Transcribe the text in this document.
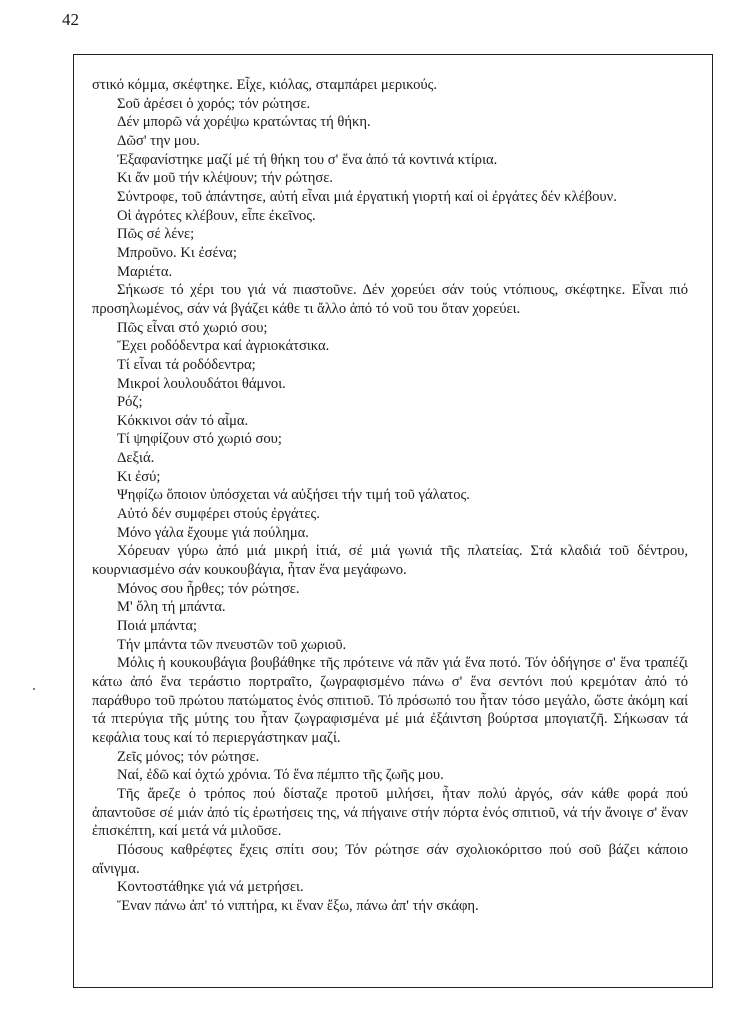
42

στικό κόμμα, σκέφτηκε. Εἶχε, κιόλας, σταμπάρει μερικούς.

Σοῦ ἀρέσει ὁ χορός; τόν ρώτησε.

Δέν μπορῶ νά χορέψω κρατώντας τή θήκη.

Δῶσ' την μου.

Ἐξαφανίστηκε μαζί μέ τή θήκη του σ' ἕνα ἀπό τά κοντινά κτίρια.

Κι ἄν μοῦ τήν κλέψουν; τήν ρώτησε.

Σύντροφε, τοῦ ἀπάντησε, αὐτή εἶναι μιά ἐργατική γιορτή καί οἱ ἐργάτες δέν κλέβουν.

Οἱ ἀγρότες κλέβουν, εἶπε ἐκεῖνος.

Πῶς σέ λένε;

Μπροῦνο. Κι ἐσένα;

Μαριέτα.

Σήκωσε τό χέρι του γιά νά πιαστοῦνε. Δέν χορεύει σάν τούς ντόπιους, σκέφτηκε. Εἶναι πιό προσηλωμένος, σάν νά βγάζει κάθε τι ἄλλο ἀπό τό νοῦ του ὅταν χορεύει.

Πῶς εἶναι στό χωριό σου;

Ἔχει ροδόδεντρα καί ἀγριοκάτσικα.

Τί εἶναι τά ροδόδεντρα;

Μικροί λουλουδάτοι θάμνοι.

Ρόζ;

Κόκκινοι σάν τό αἷμα.

Τί ψηφίζουν στό χωριό σου;

Δεξιά.

Κι ἐσύ;

Ψηφίζω ὅποιον ὑπόσχεται νά αὐξήσει τήν τιμή τοῦ γάλατος.

Αὐτό δέν συμφέρει στούς ἐργάτες.

Μόνο γάλα ἔχουμε γιά πούλημα.

Χόρευαν γύρω ἀπό μιά μικρή ἰτιά, σέ μιά γωνιά τῆς πλατείας. Στά κλαδιά τοῦ δέντρου, κουρνιασμένο σάν κουκουβάγια, ἦταν ἕνα μεγάφωνο.

Μόνος σου ἦρθες; τόν ρώτησε.

Μ' ὅλη τή μπάντα.

Ποιά μπάντα;

Τήν μπάντα τῶν πνευστῶν τοῦ χωριοῦ.

Μόλις ἡ κουκουβάγια βουβάθηκε τῆς πρότεινε νά πᾶν γιά ἕνα ποτό. Τόν ὁδήγησε σ' ἕνα τραπέζι κάτω ἀπό ἕνα τεράστιο πορτραῖτο, ζωγραφισμένο πάνω σ' ἕνα σεντόνι πού κρεμόταν ἀπό τό παράθυρο τοῦ πρώτου πατώματος ἑνός σπιτιοῦ. Τό πρόσωπό του ἦταν τόσο μεγάλο, ὥστε ἀκόμη καί τά πτερύγια τῆς μύτης του ἦταν ζωγραφισμένα μέ μιά ἐξάιντση βούρτσα μπογιατζῆ. Σήκωσαν τά κεφάλια τους καί τό περιεργάστηκαν μαζί.

Ζεῖς μόνος; τόν ρώτησε.

Ναί, ἐδῶ καί ὀχτώ χρόνια. Τό ἕνα πέμπτο τῆς ζωῆς μου.

Τῆς ἄρεζε ὁ τρόπος πού δίσταζε προτοῦ μιλήσει, ἦταν πολύ ἀργός, σάν κάθε φορά πού ἀπαντοῦσε σέ μιάν ἀπό τίς ἐρωτήσεις της, νά πήγαινε στήν πόρτα ἑνός σπιτιοῦ, νά τήν ἄνοιγε σ' ἕναν ἐπισκέπτη, καί μετά νά μιλοῦσε.

Πόσους καθρέφτες ἔχεις σπίτι σου; Τόν ρώτησε σάν σχολιοκόριτσο πού σοῦ βάζει κάποιο αἴνιγμα.

Κοντοστάθηκε γιά νά μετρήσει.

Ἕναν πάνω ἀπ' τό νιπτήρα, κι ἕναν ἔξω, πάνω ἀπ' τήν σκάφη.
